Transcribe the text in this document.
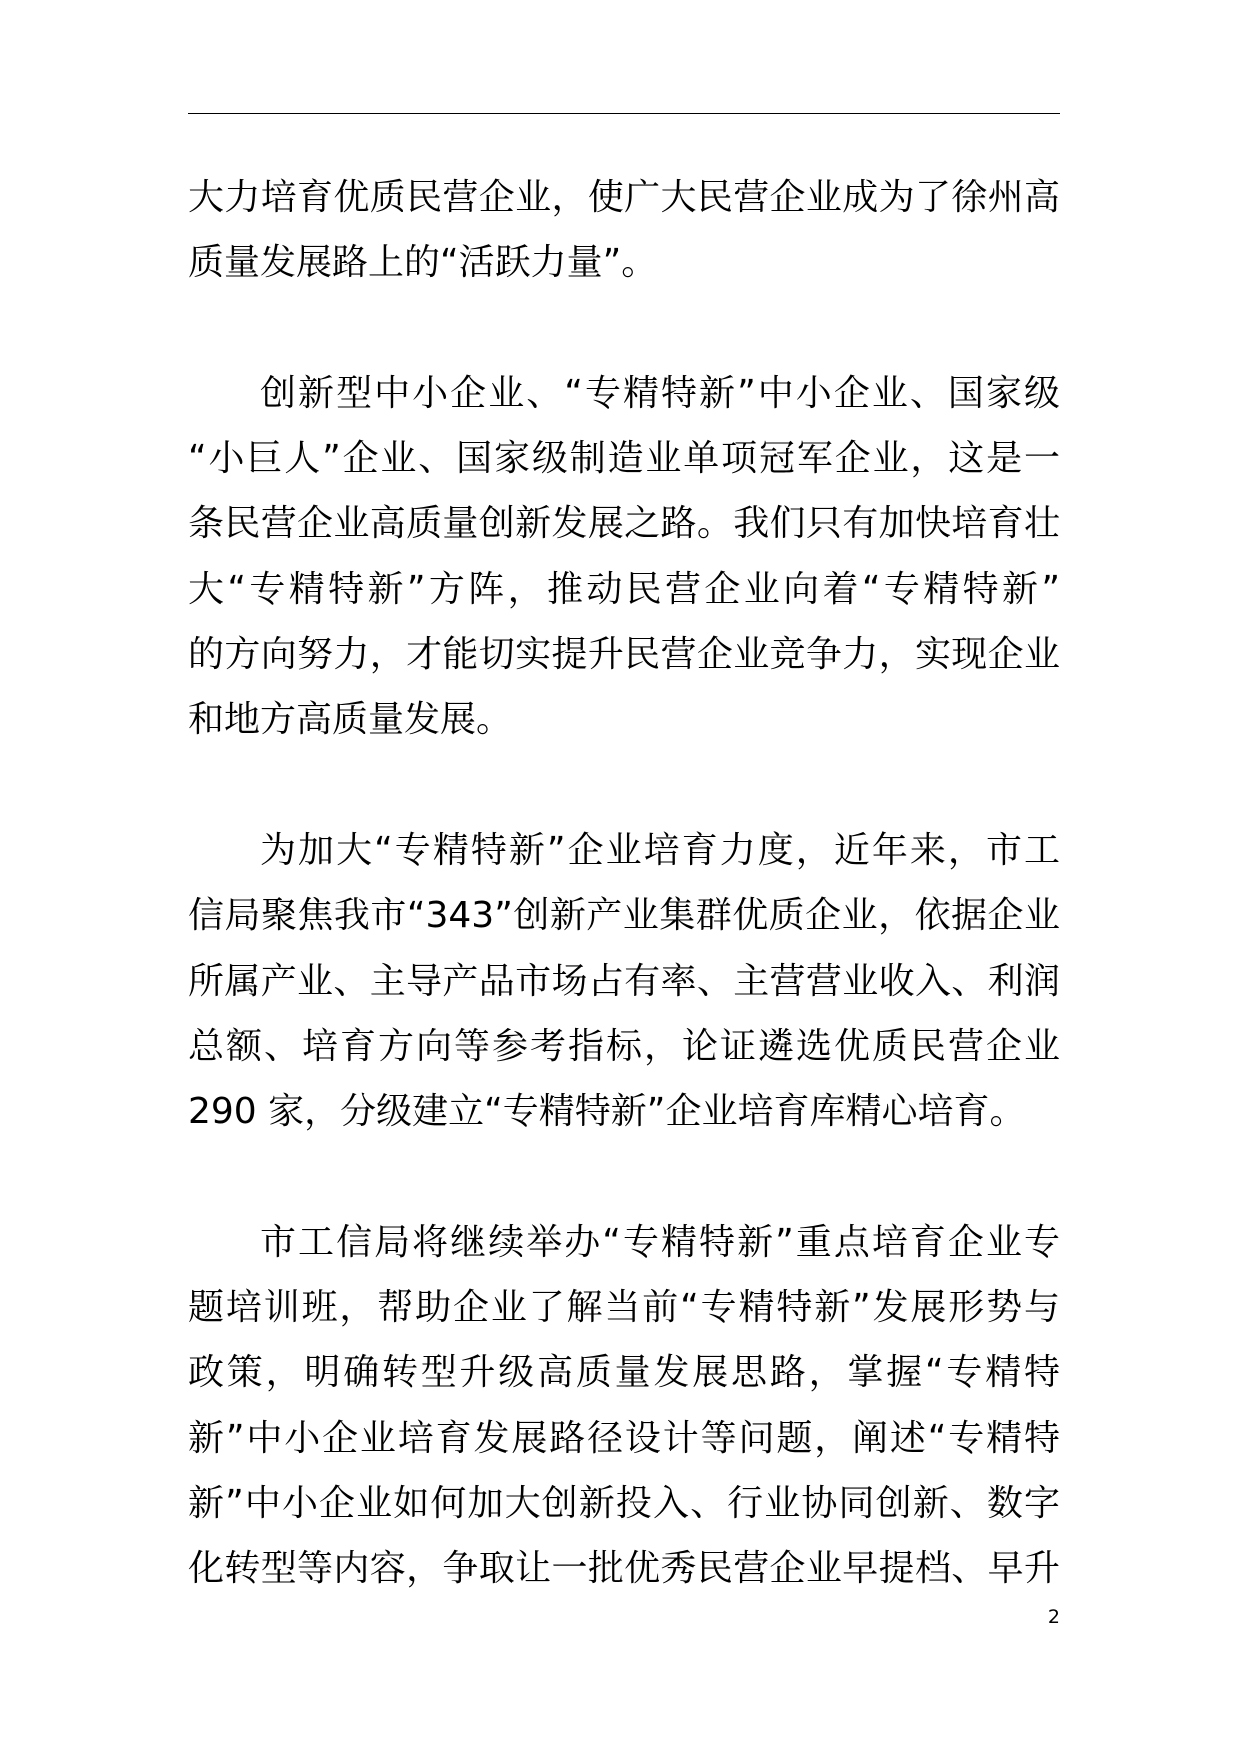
大力培育优质民营企业，使广大民营企业成为了徐州高
质量发展路上的“活跃力量”。
创新型中小企业、“专精特新”中小企业、国家级
“小巨人”企业、国家级制造业单项冠军企业，这是一
条民营企业高质量创新发展之路。我们只有加快培育壮
大“专精特新”方阵，推动民营企业向着“专精特新”
的方向努力，才能切实提升民营企业竞争力，实现企业
和地方高质量发展。
为加大“专精特新”企业培育力度，近年来，市工
信局聚焦我市“343”创新产业集群优质企业，依据企业
所属产业、主导产品市场占有率、主营营业收入、利润
总额、培育方向等参考指标，论证遴选优质民营企业
290 家，分级建立“专精特新”企业培育库精心培育。
市工信局将继续举办“专精特新”重点培育企业专
题培训班，帮助企业了解当前“专精特新”发展形势与
政策，明确转型升级高质量发展思路，掌握“专精特
新”中小企业培育发展路径设计等问题，阐述“专精特
新”中小企业如何加大创新投入、行业协同创新、数字
化转型等内容，争取让一批优秀民营企业早提档、早升
2
